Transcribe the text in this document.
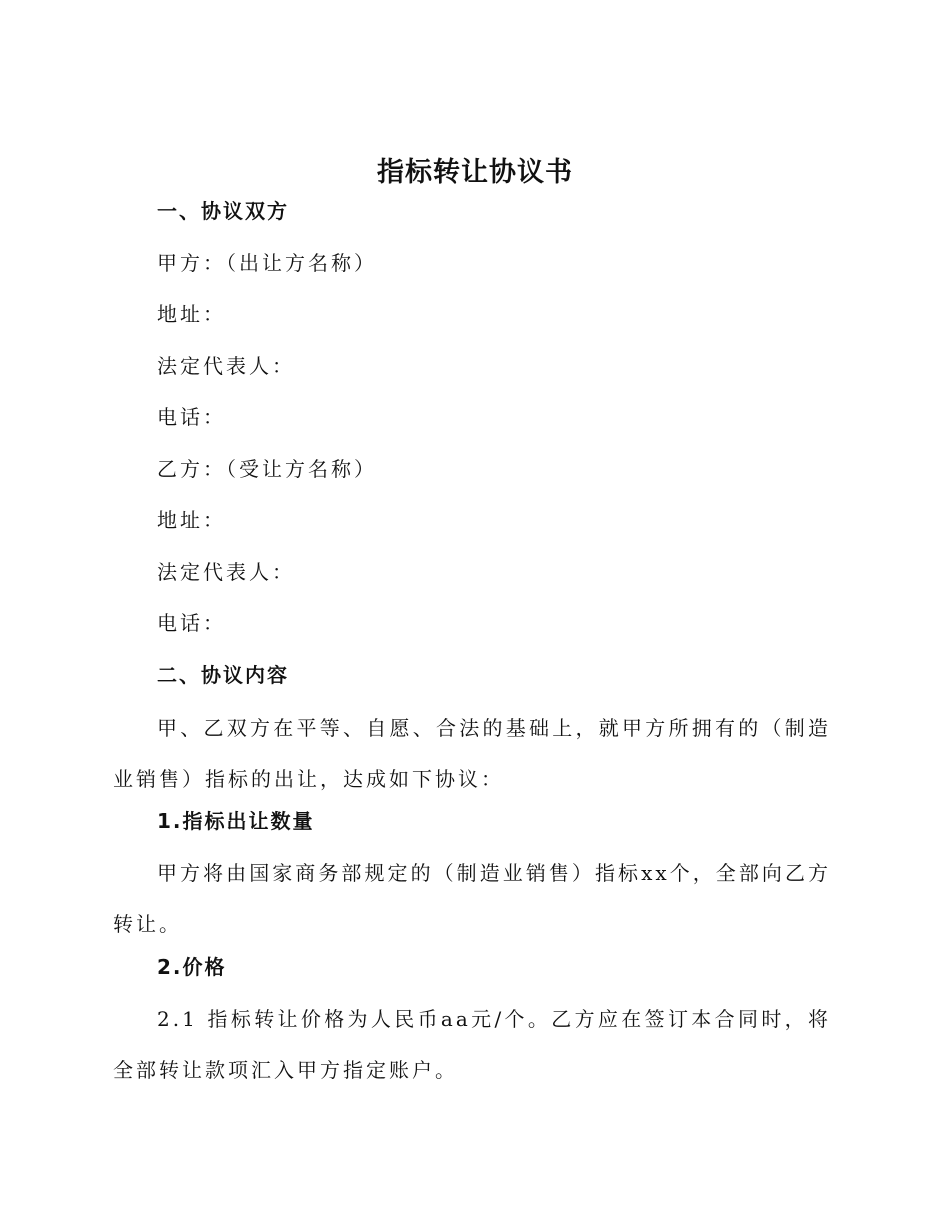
指标转让协议书
一、协议双方
甲方：（出让方名称）
地址：
法定代表人：
电话：
乙方：（受让方名称）
地址：
法定代表人：
电话：
二、协议内容
甲、乙双方在平等、自愿、合法的基础上，就甲方所拥有的（制造业销售）指标的出让，达成如下协议：
1.指标出让数量
甲方将由国家商务部规定的（制造业销售）指标xx个，全部向乙方转让。
2.价格
2.1 指标转让价格为人民币aa元/个。乙方应在签订本合同时，将全部转让款项汇入甲方指定账户。
